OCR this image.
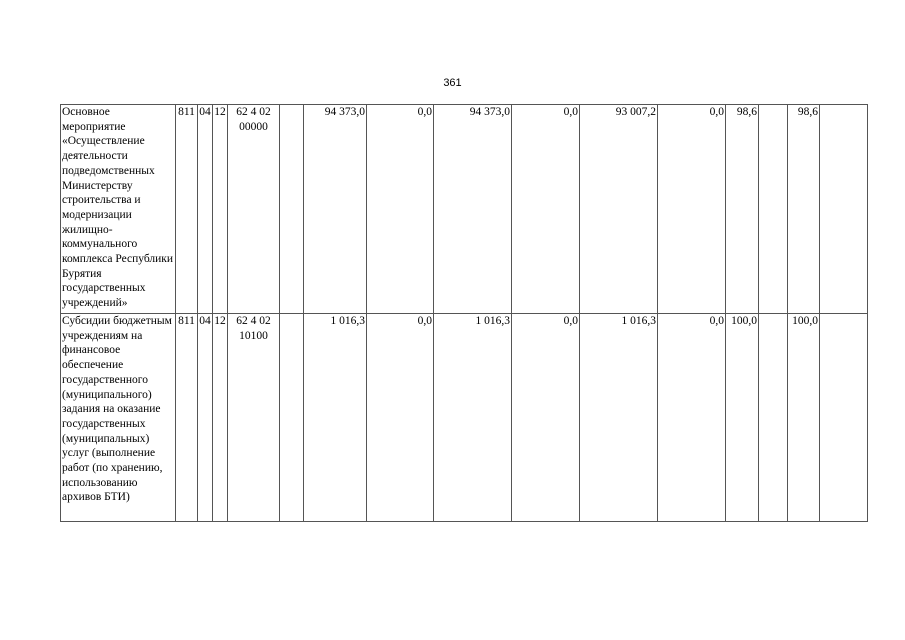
361
Основное мероприятие «Осуществление деятельности подведомственных Министерству строительства и модернизации жилищно-коммунального комплекса Республики Бурятия государственных учреждений»	811	04	12	62 4 02 00000		94 373,0	0,0	94 373,0	0,0	93 007,2	0,0	98,6		98,6	
Субсидии бюджетным учреждениям на финансовое обеспечение государственного (муниципального) задания на оказание государственных (муниципальных) услуг (выполнение работ (по хранению, использованию архивов БТИ)	811	04	12	62 4 02 10100		1 016,3	0,0	1 016,3	0,0	1 016,3	0,0	100,0		100,0	
